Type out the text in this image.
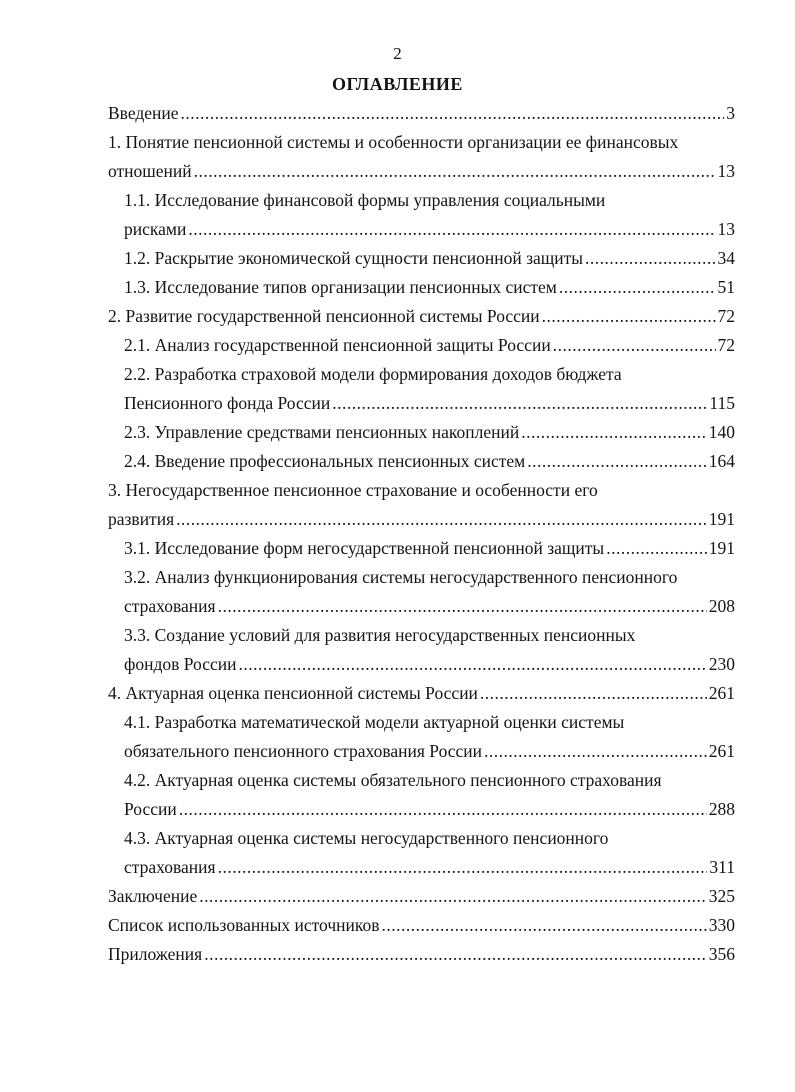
2
ОГЛАВЛЕНИЕ
Введение .....	3
1. Понятие пенсионной системы и особенности организации ее финансовых
отношений .....	13
1.1. Исследование финансовой формы управления социальными
рисками .....	13
1.2. Раскрытие экономической сущности пенсионной защиты .....	34
1.3. Исследование типов организации пенсионных систем .....	51
2. Развитие государственной пенсионной системы России .....	72
2.1. Анализ государственной пенсионной защиты России .....	72
2.2. Разработка страховой модели формирования доходов бюджета
Пенсионного фонда России .....	115
2.3. Управление средствами пенсионных накоплений .....	140
2.4. Введение профессиональных пенсионных систем .....	164
3. Негосударственное пенсионное страхование и особенности его
развития .....	191
3.1. Исследование форм негосударственной пенсионной защиты .....	191
3.2. Анализ функционирования системы негосударственного пенсионного
страхования .....	208
3.3. Создание условий для развития негосударственных пенсионных
фондов России .....	230
4. Актуарная оценка пенсионной системы России .....	261
4.1. Разработка математической модели актуарной оценки системы
обязательного пенсионного страхования России .....	261
4.2. Актуарная оценка системы обязательного пенсионного страхования
России .....	288
4.3. Актуарная оценка системы негосударственного пенсионного
страхования .....	311
Заключение .....	325
Список использованных источников .....	330
Приложения .....	356
